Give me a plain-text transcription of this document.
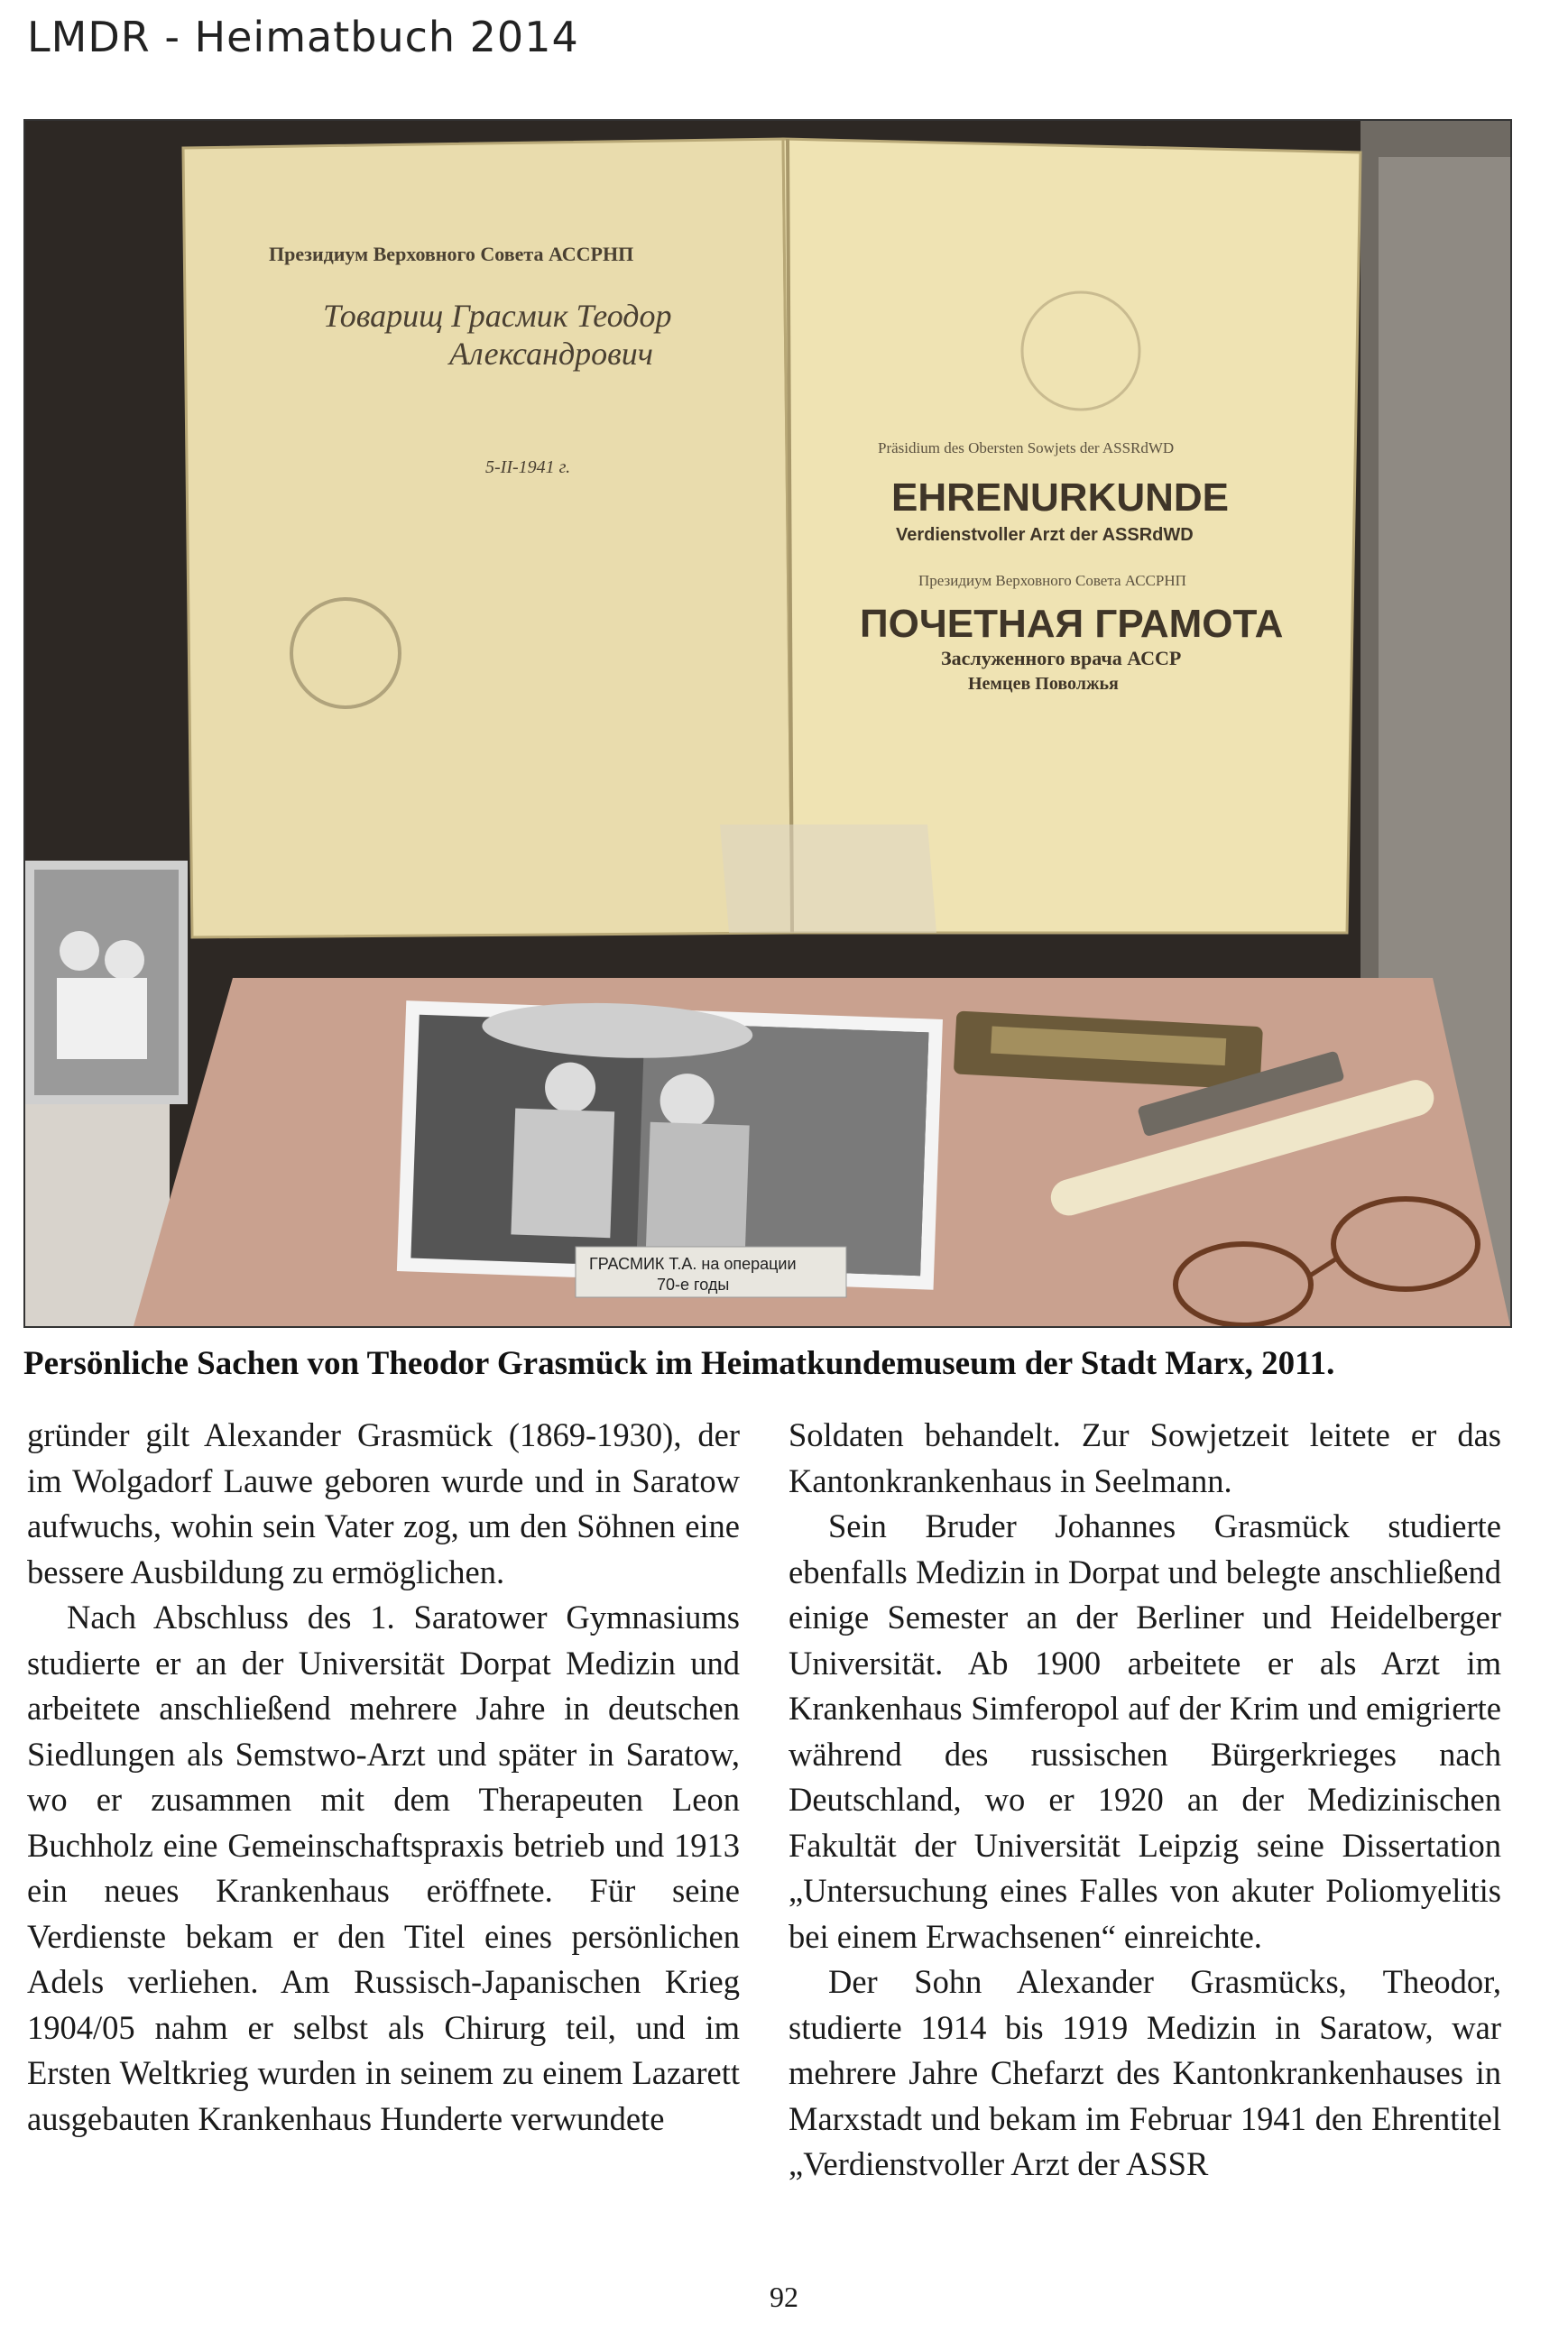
LMDR - Heimatbuch 2014
Президиум Верховного Совета АССРНП
Товарищ Грасмик Теодор
Александрович
5-II-1941 г.
Präsidium des Obersten Sowjets der ASSRdWD
EHRENURKUNDE
Verdienstvoller Arzt der ASSRdWD
Президиум Верховного Совета АССРНП
ПОЧЕТНАЯ ГРАМОТА
Заслуженного врача АССР
Немцев Поволжья
ГРАСМИК Т.А. на операции
70-е годы
Persönliche Sachen von Theodor Grasmück im Heimatkundemuseum der Stadt Marx, 2011.

gründer gilt Alexander Grasmück (1869-1930), der im Wolgadorf Lauwe geboren wurde und in Saratow aufwuchs, wohin sein Vater zog, um den Söhnen eine bessere Ausbildung zu ermöglichen.

Nach Abschluss des 1. Saratower Gymnasiums studierte er an der Universität Dorpat Medizin und arbeitete anschließend mehrere Jahre in deutschen Siedlungen als Semstwo-Arzt und später in Saratow, wo er zusammen mit dem Therapeuten Leon Buchholz eine Gemeinschaftspraxis betrieb und 1913 ein neues Krankenhaus eröffnete. Für seine Verdienste bekam er den Titel eines persönlichen Adels verliehen. Am Russisch-Japanischen Krieg 1904/05 nahm er selbst als Chirurg teil, und im Ersten Weltkrieg wurden in seinem zu einem Lazarett ausgebauten Krankenhaus Hunderte verwundete

Soldaten behandelt. Zur Sowjetzeit leitete er das Kantonkrankenhaus in Seelmann.

Sein Bruder Johannes Grasmück studierte ebenfalls Medizin in Dorpat und belegte anschließend einige Semester an der Berliner und Heidelberger Universität. Ab 1900 arbeitete er als Arzt im Krankenhaus Simferopol auf der Krim und emigrierte während des russischen Bürgerkrieges nach Deutschland, wo er 1920 an der Medizinischen Fakultät der Universität Leipzig seine Dissertation „Untersuchung eines Falles von akuter Poliomyelitis bei einem Erwachsenen“ einreichte.

Der Sohn Alexander Grasmücks, Theodor, studierte 1914 bis 1919 Medizin in Saratow, war mehrere Jahre Chefarzt des Kantonkrankenhauses in Marxstadt und bekam im Februar 1941 den Ehrentitel „Verdienstvoller Arzt der ASSR

92
